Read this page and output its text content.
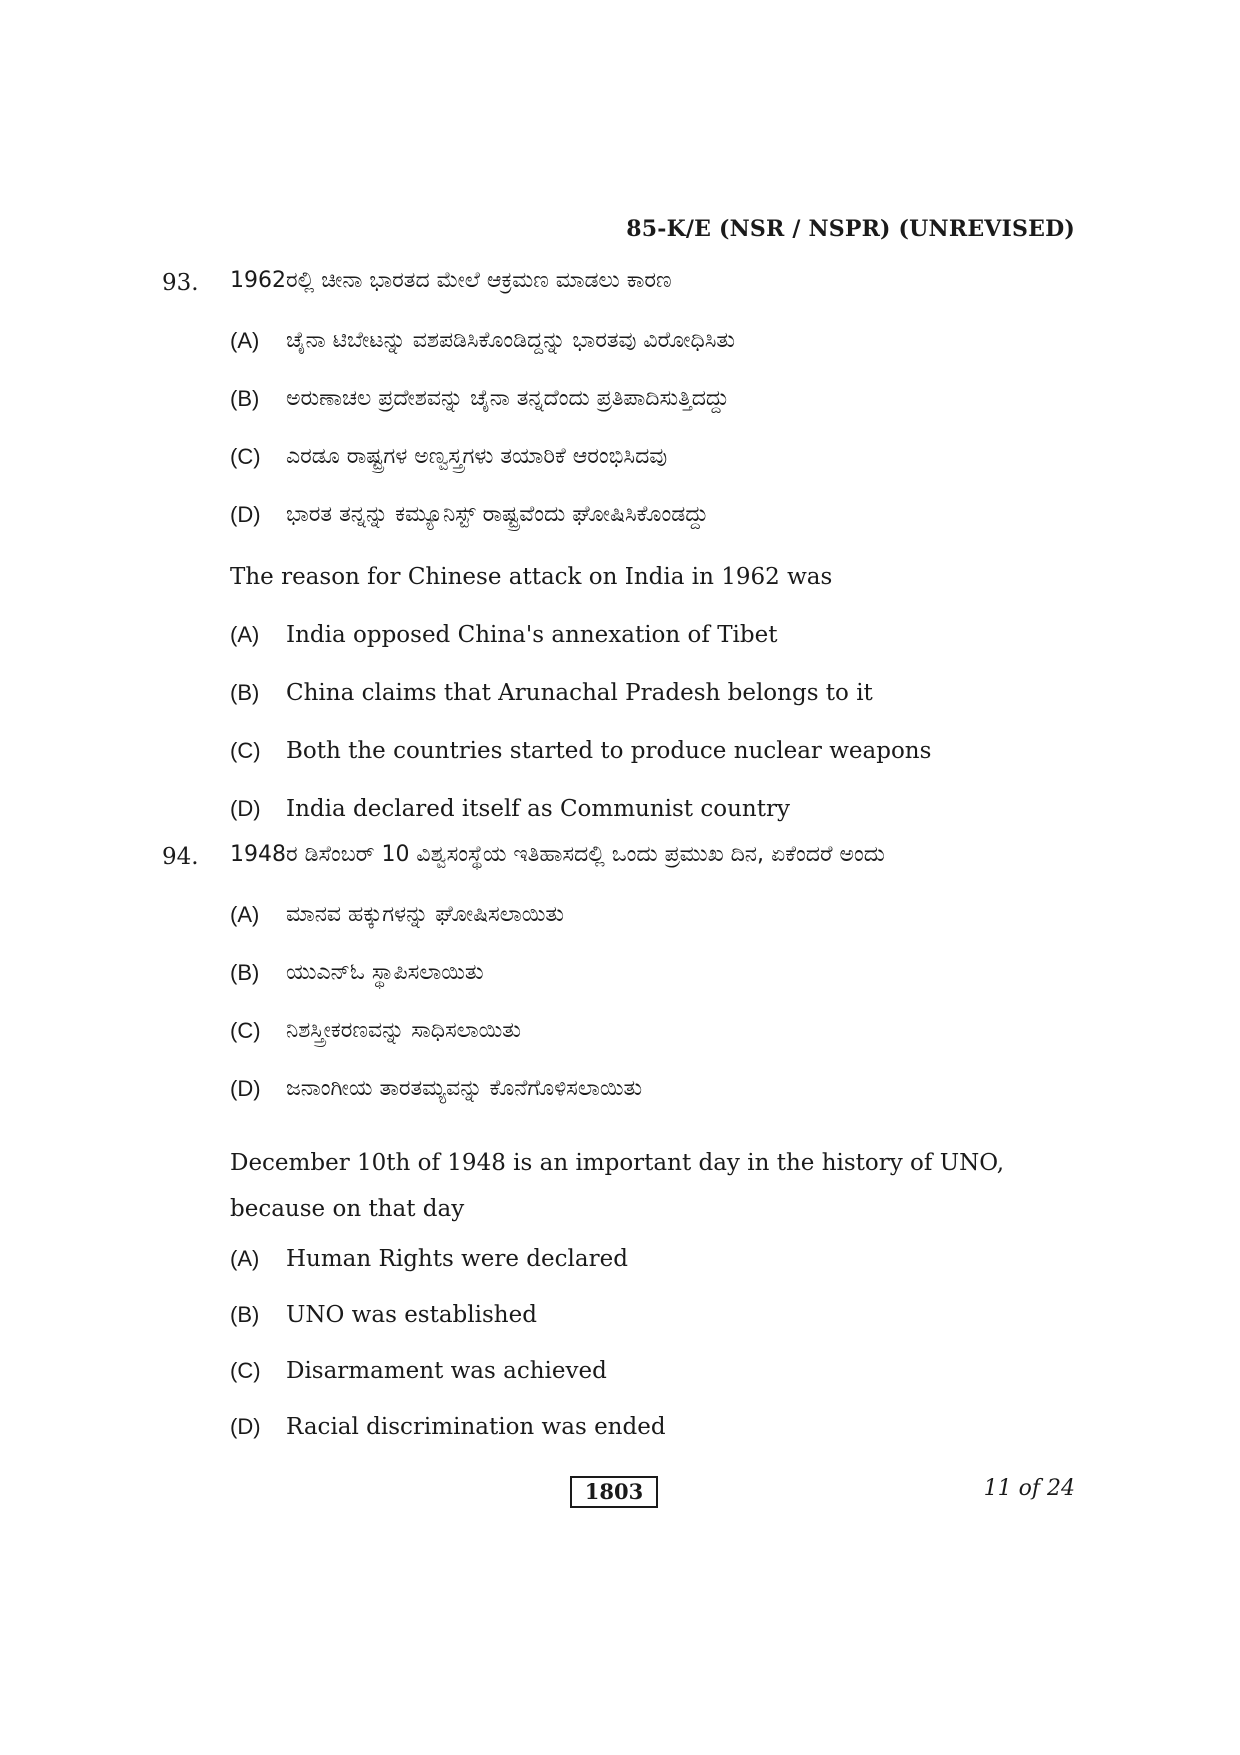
85-K/E (NSR / NSPR) (UNREVISED)
93. 1962ರಲ್ಲಿ ಚೀನಾ ಭಾರತದ ಮೇಲೆ ಆಕ್ರಮಣ ಮಾಡಲು ಕಾರಣ
(A) ಚೈನಾ ಟಿಬೇಟನ್ನು ವಶಪಡಿಸಿಕೊಂಡಿದ್ದನ್ನು ಭಾರತವು ವಿರೋಧಿಸಿತು
(B) ಅರುಣಾಚಲ ಪ್ರದೇಶವನ್ನು ಚೈನಾ ತನ್ನದೆಂದು ಪ್ರತಿಪಾದಿಸುತ್ತಿದದ್ದು
(C) ಎರಡೂ ರಾಷ್ಟ್ರಗಳ ಅಣ್ವಸ್ತ್ರಗಳು ತಯಾರಿಕೆ ಆರಂಭಿಸಿದವು
(D) ಭಾರತ ತನ್ನನ್ನು ಕಮ್ಯೂನಿಸ್ಟ್ ರಾಷ್ಟ್ರವೆಂದು ಘೋಷಿಸಿಕೊಂಡದ್ದು
The reason for Chinese attack on India in 1962 was
(A) India opposed China's annexation of Tibet
(B) China claims that Arunachal Pradesh belongs to it
(C) Both the countries started to produce nuclear weapons
(D) India declared itself as Communist country
94. 1948ರ ಡಿಸೆಂಬರ್ 10 ವಿಶ್ವಸಂಸ್ಥೆಯ ಇತಿಹಾಸದಲ್ಲಿ ಒಂದು ಪ್ರಮುಖ ದಿನ, ಏಕೆಂದರೆ ಅಂದು
(A) ಮಾನವ ಹಕ್ಕುಗಳನ್ನು ಘೋಷಿಸಲಾಯಿತು
(B) ಯುಎನ್‌ಓ ಸ್ಥಾಪಿಸಲಾಯಿತು
(C) ನಿಶಸ್ತ್ರೀಕರಣವನ್ನು ಸಾಧಿಸಲಾಯಿತು
(D) ಜನಾಂಗೀಯ ತಾರತಮ್ಯವನ್ನು ಕೊನೆಗೊಳಿಸಲಾಯಿತು
December 10th of 1948 is an important day in the history of UNO, because on that day
(A) Human Rights were declared
(B) UNO was established
(C) Disarmament was achieved
(D) Racial discrimination was ended
1803	11 of 24
